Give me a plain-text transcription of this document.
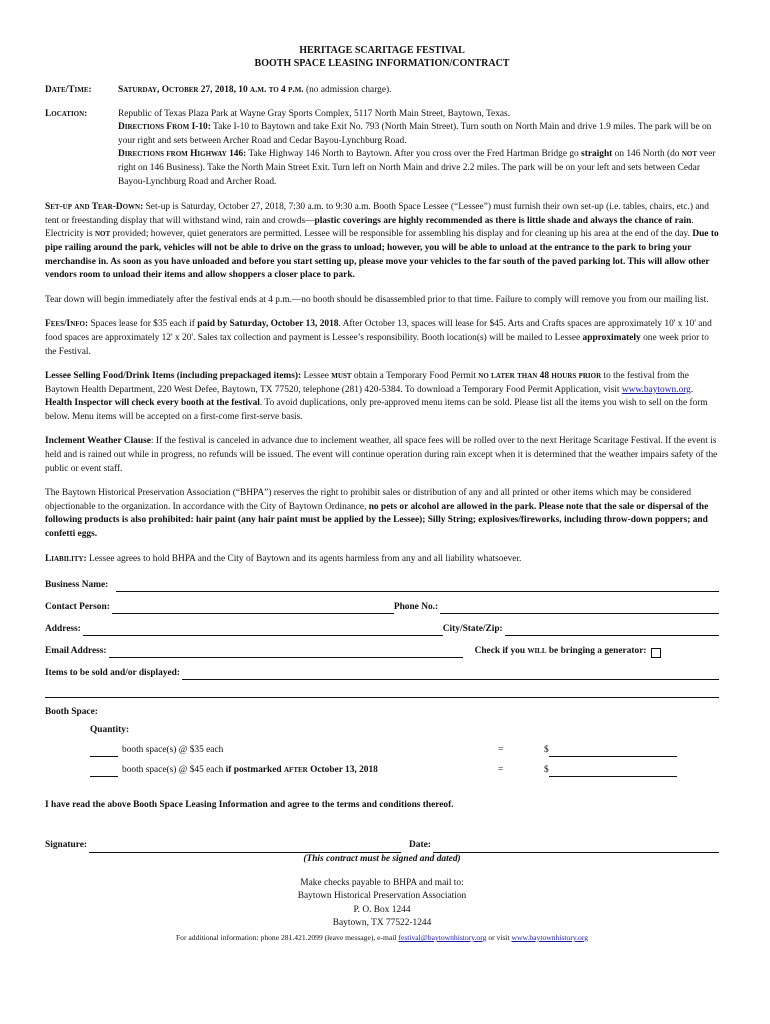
HERITAGE SCARITAGE FESTIVAL
BOOTH SPACE LEASING INFORMATION/CONTRACT
Date/Time:	Saturday, October 27, 2018, 10 a.m. to 4 p.m. (no admission charge).
Location:	Republic of Texas Plaza Park at Wayne Gray Sports Complex, 5117 North Main Street, Baytown, Texas.

Directions From I-10: Take I-10 to Baytown and take Exit No. 793 (North Main Street). Turn south on North Main and drive 1.9 miles. The park will be on your right and sets between Archer Road and Cedar Bayou-Lynchburg Road.

Directions from Highway 146: Take Highway 146 North to Baytown. After you cross over the Fred Hartman Bridge go straight on 146 North (do not veer right on 146 Business). Take the North Main Street Exit. Turn left on North Main and drive 2.2 miles. The park will be on your left and sets between Cedar Bayou-Lynchburg Road and Archer Road.

Set-up and Tear-Down: Set-up is Saturday, October 27, 2018, 7:30 a.m. to 9:30 a.m. Booth Space Lessee (“Lessee”) must furnish their own set-up (i.e. tables, chairs, etc.) and tent or freestanding display that will withstand wind, rain and crowds—plastic coverings are highly recommended as there is little shade and always the chance of rain. Electricity is not provided; however, quiet generators are permitted. Lessee will be responsible for assembling his display and for cleaning up his area at the end of the day. Due to pipe railing around the park, vehicles will not be able to drive on the grass to unload; however, you will be able to unload at the entrance to the park to bring your merchandise in. As soon as you have unloaded and before you start setting up, please move your vehicles to the far south of the paved parking lot. This will allow other vendors room to unload their items and allow shoppers a closer place to park.

Tear down will begin immediately after the festival ends at 4 p.m.—no booth should be disassembled prior to that time. Failure to comply will remove you from our mailing list.

Fees/Info: Spaces lease for $35 each if paid by Saturday, October 13, 2018. After October 13, spaces will lease for $45. Arts and Crafts spaces are approximately 10' x 10' and food spaces are approximately 12' x 20'. Sales tax collection and payment is Lessee’s responsibility. Booth location(s) will be mailed to Lessee approximately one week prior to the Festival.

Lessee Selling Food/Drink Items (including prepackaged items): Lessee must obtain a Temporary Food Permit no later than 48 hours prior to the festival from the Baytown Health Department, 220 West Defee, Baytown, TX 77520, telephone (281) 420-5384. To download a Temporary Food Permit Application, visit www.baytown.org. Health Inspector will check every booth at the festival. To avoid duplications, only pre-approved menu items can be sold. Please list all the items you wish to sell on the form below. Menu items will be accepted on a first-come first-serve basis.

Inclement Weather Clause: If the festival is canceled in advance due to inclement weather, all space fees will be rolled over to the next Heritage Scaritage Festival. If the event is held and is rained out while in progress, no refunds will be issued. The event will continue operation during rain except when it is determined that the weather impairs safety of the public or event staff.

The Baytown Historical Preservation Association (“BHPA”) reserves the right to prohibit sales or distribution of any and all printed or other items which may be considered objectionable to the organization. In accordance with the City of Baytown Ordinance, no pets or alcohol are allowed in the park. Please note that the sale or dispersal of the following products is also prohibited: hair paint (any hair paint must be applied by the Lessee); Silly String; explosives/fireworks, including throw-down poppers; and confetti eggs.

Liability: Lessee agrees to hold BHPA and the City of Baytown and its agents harmless from any and all liability whatsoever.

Business Name:
Contact Person:	Phone No.:
Address:	City/State/Zip:
Email Address:	Check if you will be bringing a generator:
Items to be sold and/or displayed:
Booth Space:
Quantity:
booth space(s) @ $35 each	=	$
booth space(s) @ $45 each if postmarked after October 13, 2018	=	$

I have read the above Booth Space Leasing Information and agree to the terms and conditions thereof.

Signature:	Date:
(This contract must be signed and dated)
Make checks payable to BHPA and mail to:
Baytown Historical Preservation Association
P. O. Box 1244
Baytown, TX 77522-1244
For additional information: phone 281.421.2099 (leave message), e-mail festival@baytownhistory.org or visit www.baytownhistory.org
